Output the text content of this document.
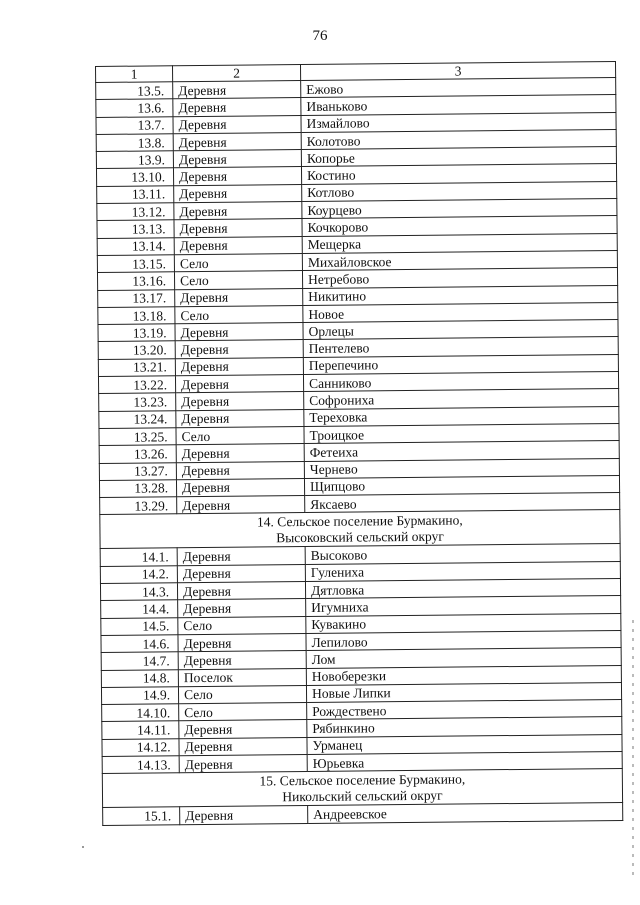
76
1	2	3
13.5.	Деревня	Ежово
13.6.	Деревня	Иваньково
13.7.	Деревня	Измайлово
13.8.	Деревня	Колотово
13.9.	Деревня	Копорье
13.10.	Деревня	Костино
13.11.	Деревня	Котлово
13.12.	Деревня	Коурцево
13.13.	Деревня	Кочкорово
13.14.	Деревня	Мещерка
13.15.	Село	Михайловское
13.16.	Село	Нетребово
13.17.	Деревня	Никитино
13.18.	Село	Новое
13.19.	Деревня	Орлецы
13.20.	Деревня	Пентелево
13.21.	Деревня	Перепечино
13.22.	Деревня	Санниково
13.23.	Деревня	Софрониха
13.24.	Деревня	Тереховка
13.25.	Село	Троицкое
13.26.	Деревня	Фетеиха
13.27.	Деревня	Чернево
13.28.	Деревня	Щипцово
13.29.	Деревня	Яксаево

14. Сельское поселение Бурмакино,
Высоковский сельский округ		

14.1.	Деревня	Высоково
14.2.	Деревня	Гулениха
14.3.	Деревня	Дятловка
14.4.	Деревня	Игумниха
14.5.	Село	Кувакино
14.6.	Деревня	Лепилово
14.7.	Деревня	Лом
14.8.	Поселок	Новоберезки
14.9.	Село	Новые Липки
14.10.	Село	Рождествено
14.11.	Деревня	Рябинкино
14.12.	Деревня	Урманец
14.13.	Деревня	Юрьевка

15. Сельское поселение Бурмакино,
Никольский сельский округ		

15.1.	Деревня	Андреевское
